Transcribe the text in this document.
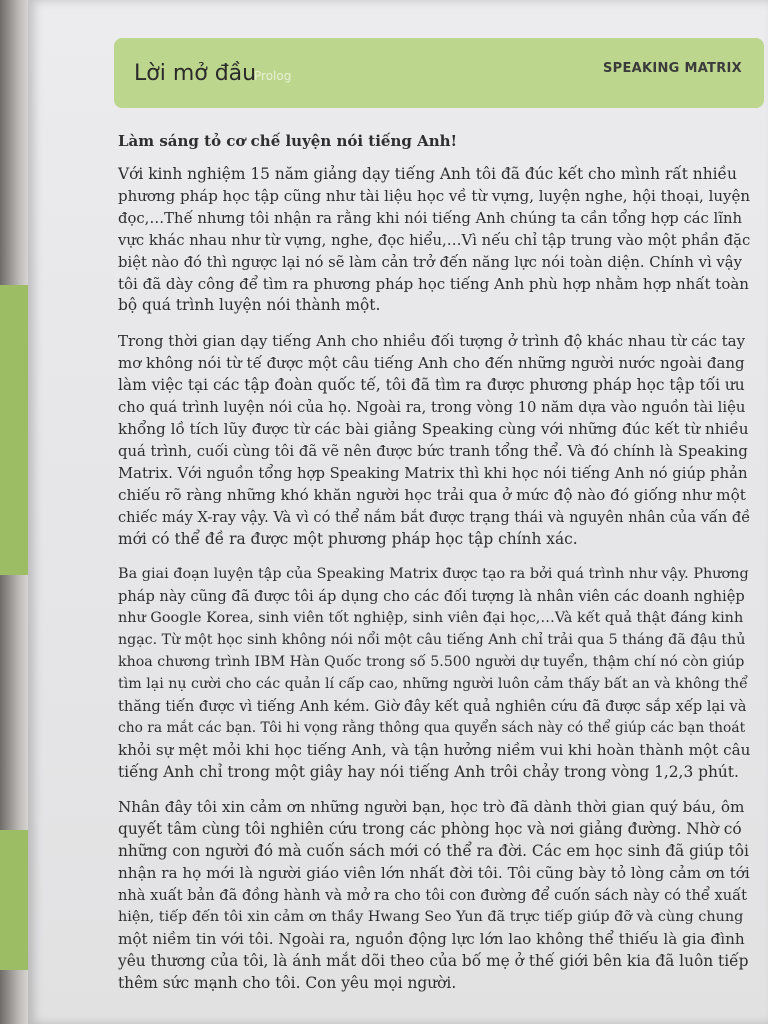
Lời mở đầu
Prolog	SPEAKING MATRIX
Làm sáng tỏ cơ chế luyện nói tiếng Anh!

Với kinh nghiệm 15 năm giảng dạy tiếng Anh tôi đã đúc kết cho mình rất nhiều
phương pháp học tập cũng như tài liệu học về từ vựng, luyện nghe, hội thoại, luyện
đọc,…Thế nhưng tôi nhận ra rằng khi nói tiếng Anh chúng ta cần tổng hợp các lĩnh
vực khác nhau như từ vựng, nghe, đọc hiểu,…Vì nếu chỉ tập trung vào một phần đặc
biệt nào đó thì ngược lại nó sẽ làm cản trở đến năng lực nói toàn diện. Chính vì vậy
tôi đã dày công để tìm ra phương pháp học tiếng Anh phù hợp nhằm hợp nhất toàn
bộ quá trình luyện nói thành một.

Trong thời gian dạy tiếng Anh cho nhiều đối tượng ở trình độ khác nhau từ các tay
mơ không nói từ tế được một câu tiếng Anh cho đến những người nước ngoài đang
làm việc tại các tập đoàn quốc tế, tôi đã tìm ra được phương pháp học tập tối ưu
cho quá trình luyện nói của họ. Ngoài ra, trong vòng 10 năm dựa vào nguồn tài liệu
khổng lồ tích lũy được từ các bài giảng Speaking cùng với những đúc kết từ nhiều
quá trình, cuối cùng tôi đã vẽ nên được bức tranh tổng thể. Và đó chính là Speaking
Matrix. Với nguồn tổng hợp Speaking Matrix thì khi học nói tiếng Anh nó giúp phản
chiếu rõ ràng những khó khăn người học trải qua ở mức độ nào đó giống như một
chiếc máy X-ray vậy. Và vì có thể nắm bắt được trạng thái và nguyên nhân của vấn đề
mới có thể đề ra được một phương pháp học tập chính xác.

Ba giai đoạn luyện tập của Speaking Matrix được tạo ra bởi quá trình như vậy. Phương
pháp này cũng đã được tôi áp dụng cho các đối tượng là nhân viên các doanh nghiệp
như Google Korea, sinh viên tốt nghiệp, sinh viên đại học,…Và kết quả thật đáng kinh
ngạc. Từ một học sinh không nói nổi một câu tiếng Anh chỉ trải qua 5 tháng đã đậu thủ
khoa chương trình IBM Hàn Quốc trong số 5.500 người dự tuyển, thậm chí nó còn giúp
tìm lại nụ cười cho các quản lí cấp cao, những người luôn cảm thấy bất an và không thể
thăng tiến được vì tiếng Anh kém. Giờ đây kết quả nghiên cứu đã được sắp xếp lại và
cho ra mắt các bạn. Tôi hi vọng rằng thông qua quyển sách này có thể giúp các bạn thoát
khỏi sự mệt mỏi khi học tiếng Anh, và tận hưởng niềm vui khi hoàn thành một câu
tiếng Anh chỉ trong một giây hay nói tiếng Anh trôi chảy trong vòng 1,2,3 phút.

Nhân đây tôi xin cảm ơn những người bạn, học trò đã dành thời gian quý báu, ôm
quyết tâm cùng tôi nghiên cứu trong các phòng học và nơi giảng đường. Nhờ có
những con người đó mà cuốn sách mới có thể ra đời. Các em học sinh đã giúp tôi
nhận ra họ mới là người giáo viên lớn nhất đời tôi. Tôi cũng bày tỏ lòng cảm ơn tới
nhà xuất bản đã đồng hành và mở ra cho tôi con đường để cuốn sách này có thể xuất
hiện, tiếp đến tôi xin cảm ơn thầy Hwang Seo Yun đã trực tiếp giúp đỡ và cùng chung
một niềm tin với tôi. Ngoài ra, nguồn động lực lớn lao không thể thiếu là gia đình
yêu thương của tôi, là ánh mắt dõi theo của bố mẹ ở thế giới bên kia đã luôn tiếp
thêm sức mạnh cho tôi. Con yêu mọi người.
